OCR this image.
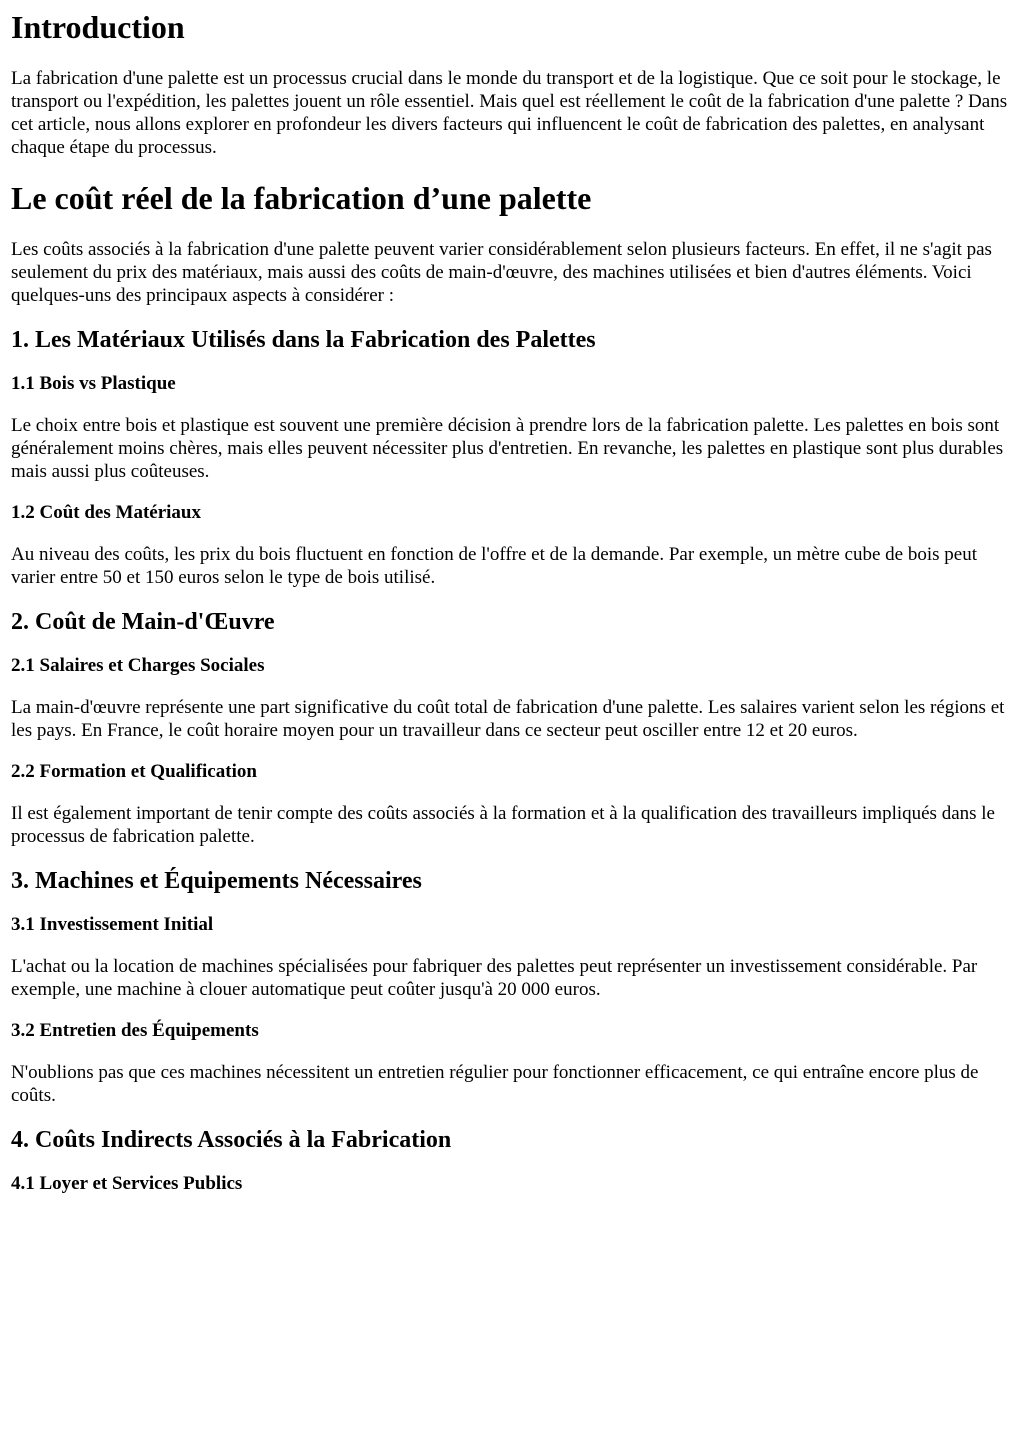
Introduction

La fabrication d'une palette est un processus crucial dans le monde du transport et de la logistique. Que ce soit pour le stockage, le transport ou l'expédition, les palettes jouent un rôle essentiel. Mais quel est réellement le coût de la fabrication d'une palette ? Dans cet article, nous allons explorer en profondeur les divers facteurs qui influencent le coût de fabrication des palettes, en analysant chaque étape du processus.

Le coût réel de la fabrication d’une palette

Les coûts associés à la fabrication d'une palette peuvent varier considérablement selon plusieurs facteurs. En effet, il ne s'agit pas seulement du prix des matériaux, mais aussi des coûts de main-d'œuvre, des machines utilisées et bien d'autres éléments. Voici quelques-uns des principaux aspects à considérer :

1. Les Matériaux Utilisés dans la Fabrication des Palettes
1.1 Bois vs Plastique

Le choix entre bois et plastique est souvent une première décision à prendre lors de la fabrication palette. Les palettes en bois sont généralement moins chères, mais elles peuvent nécessiter plus d'entretien. En revanche, les palettes en plastique sont plus durables mais aussi plus coûteuses.

1.2 Coût des Matériaux

Au niveau des coûts, les prix du bois fluctuent en fonction de l'offre et de la demande. Par exemple, un mètre cube de bois peut varier entre 50 et 150 euros selon le type de bois utilisé.

2. Coût de Main-d'Œuvre
2.1 Salaires et Charges Sociales

La main-d'œuvre représente une part significative du coût total de fabrication d'une palette. Les salaires varient selon les régions et les pays. En France, le coût horaire moyen pour un travailleur dans ce secteur peut osciller entre 12 et 20 euros.

2.2 Formation et Qualification

Il est également important de tenir compte des coûts associés à la formation et à la qualification des travailleurs impliqués dans le processus de fabrication palette.

3. Machines et Équipements Nécessaires
3.1 Investissement Initial

L'achat ou la location de machines spécialisées pour fabriquer des palettes peut représenter un investissement considérable. Par exemple, une machine à clouer automatique peut coûter jusqu'à 20 000 euros.

3.2 Entretien des Équipements

N'oublions pas que ces machines nécessitent un entretien régulier pour fonctionner efficacement, ce qui entraîne encore plus de coûts.

4. Coûts Indirects Associés à la Fabrication
4.1 Loyer et Services Publics
